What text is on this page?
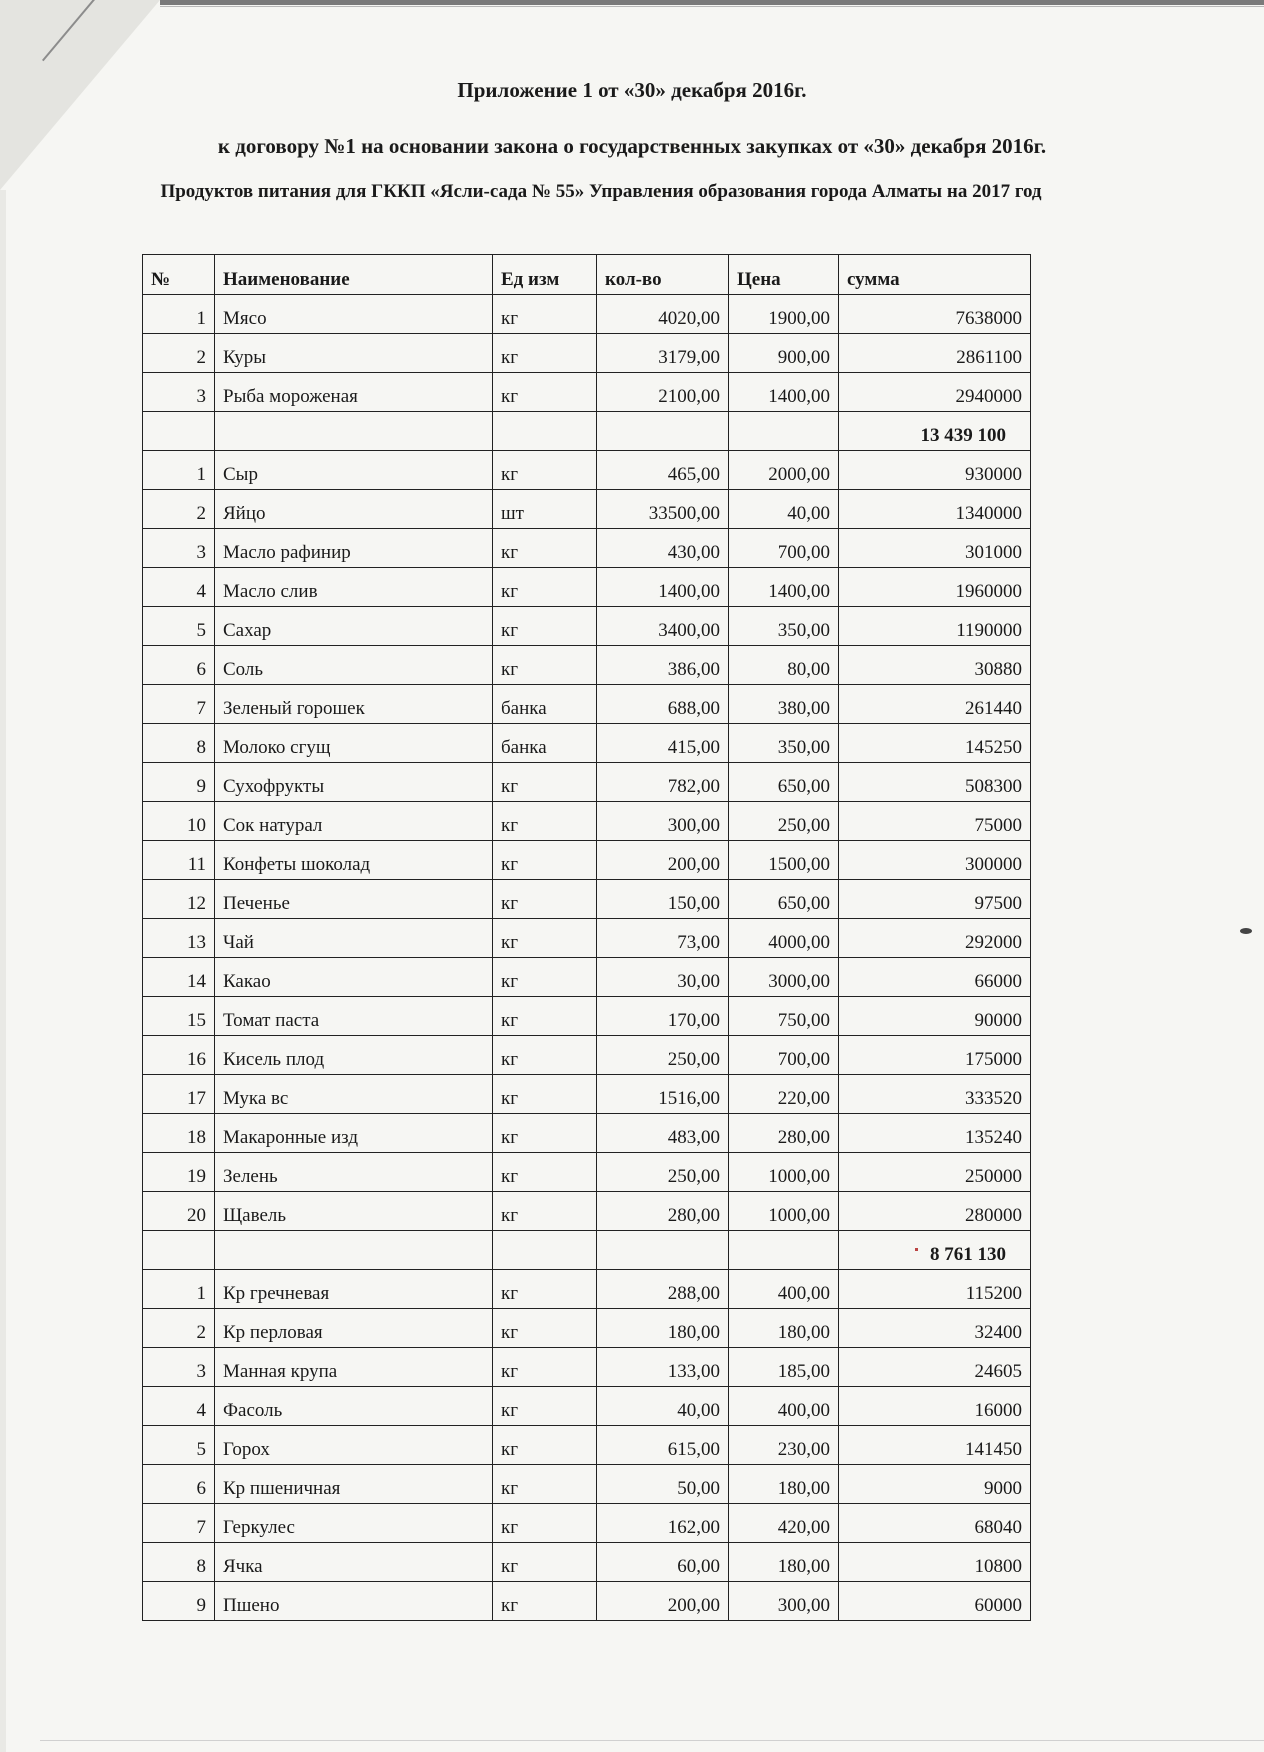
Приложение 1 от «30» декабря 2016г.

к договору №1 на основании закона о государственных закупках от «30» декабря 2016г.

Продуктов питания для ГККП «Ясли-сада № 55» Управления образования города Алматы на 2017 год

№	Наименование	Ед изм	кол-во	Цена	сумма
1	Мясо	кг	4020,00	1900,00	7638000
2	Куры	кг	3179,00	900,00	2861100
3	Рыба мороженая	кг	2100,00	1400,00	2940000
					13 439 100
1	Сыр	кг	465,00	2000,00	930000
2	Яйцо	шт	33500,00	40,00	1340000
3	Масло рафинир	кг	430,00	700,00	301000
4	Масло слив	кг	1400,00	1400,00	1960000
5	Сахар	кг	3400,00	350,00	1190000
6	Соль	кг	386,00	80,00	30880
7	Зеленый горошек	банка	688,00	380,00	261440
8	Молоко сгущ	банка	415,00	350,00	145250
9	Сухофрукты	кг	782,00	650,00	508300
10	Сок натурал	кг	300,00	250,00	75000
11	Конфеты шоколад	кг	200,00	1500,00	300000
12	Печенье	кг	150,00	650,00	97500
13	Чай	кг	73,00	4000,00	292000
14	Какао	кг	30,00	3000,00	66000
15	Томат паста	кг	170,00	750,00	90000
16	Кисель плод	кг	250,00	700,00	175000
17	Мука вс	кг	1516,00	220,00	333520
18	Макаронные изд	кг	483,00	280,00	135240
19	Зелень	кг	250,00	1000,00	250000
20	Щавель	кг	280,00	1000,00	280000
					8 761 130
1	Кр гречневая	кг	288,00	400,00	115200
2	Кр перловая	кг	180,00	180,00	32400
3	Манная крупа	кг	133,00	185,00	24605
4	Фасоль	кг	40,00	400,00	16000
5	Горох	кг	615,00	230,00	141450
6	Кр пшеничная	кг	50,00	180,00	9000
7	Геркулес	кг	162,00	420,00	68040
8	Ячка	кг	60,00	180,00	10800
9	Пшено	кг	200,00	300,00	60000
